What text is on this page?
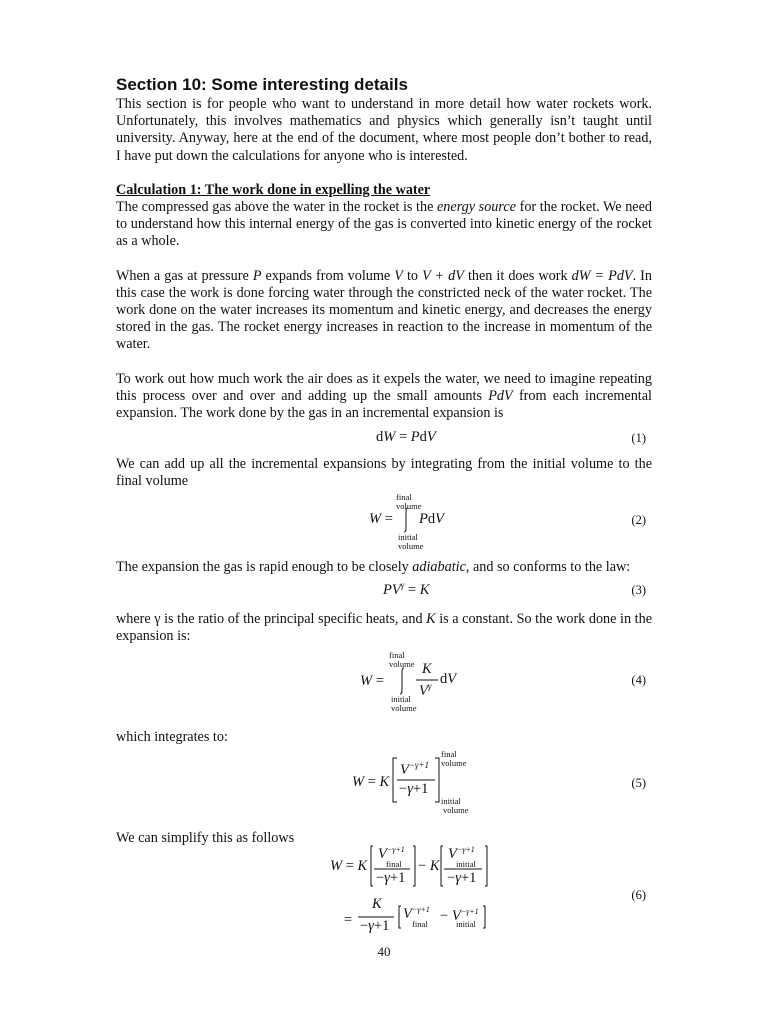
Section 10: Some interesting details

This section is for people who want to understand in more detail how water rockets work. Unfortunately, this involves mathematics and physics which generally isn’t taught until university. Anyway, here at the end of the document, where most people don’t bother to read, I have put down the calculations for anyone who is interested.

Calculation 1: The work done in expelling the water

The compressed gas above the water in the rocket is the energy source for the rocket. We need to understand how this internal energy of the gas is converted into kinetic energy of the rocket as a whole.

When a gas at pressure P expands from volume V to V + dV then it does work dW = PdV. In this case the work is done forcing water through the constricted neck of the water rocket. The work done on the water increases its momentum and kinetic energy, and decreases the energy stored in the gas. The rocket energy increases in reaction to the increase in momentum of the water.

To work out how much work the air does as it expels the water, we need to imagine repeating this process over and over and adding up the small amounts PdV from each incremental expansion. The work done by the gas in an incremental expansion is

dW = PdV	(1)

We can add up all the incremental expansions by integrating from the initial volume to the final volume

final
volume
W = PdV
initial
volume
(2)

The expansion the gas is rapid enough to be closely adiabatic, and so conforms to the law:

$PV^\gamma = K$	(3)

where γ is the ratio of the principal specific heats, and K is a constant. So the work done in the expansion is:

final
volume
W =
K
$V^\gamma$ dV
initial
volume
(4)

which integrates to:

W = K
$V^{-\gamma+1}$
−γ+1
final
volume
initial
volume
(5)

We can simplify this as follows

W = K
$V^{-\gamma+1}$
final
−γ+1
− K
$V^{-\gamma+1}$
initial
−γ+1
=
K
−γ+1
$V^{-\gamma+1}$
final
− $V^{-\gamma+1}$
initial
(6)
40
